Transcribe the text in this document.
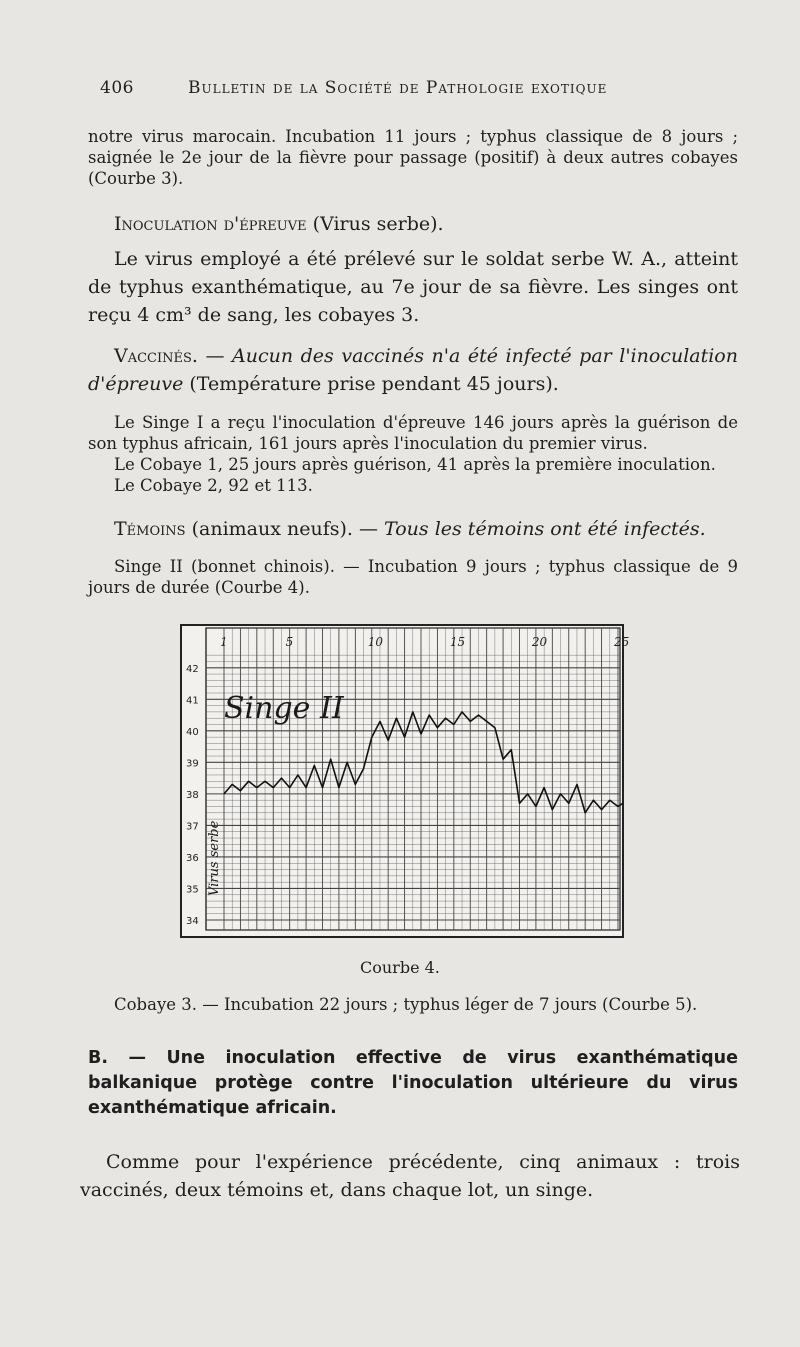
406	Bulletin de la Société de Pathologie exotique

notre virus marocain. Incubation 11 jours ; typhus classique de 8 jours ; saignée le 2e jour de la fièvre pour passage (positif) à deux autres cobayes (Courbe 3).

Inoculation d'épreuve (Virus serbe).

Le virus employé a été prélevé sur le soldat serbe W. A., atteint de typhus exanthématique, au 7e jour de sa fièvre. Les singes ont reçu 4 cm³ de sang, les cobayes 3.

Vaccinés. — Aucun des vaccinés n'a été infecté par l'inoculation d'épreuve (Température prise pendant 45 jours).

Le Singe I a reçu l'inoculation d'épreuve 146 jours après la guérison de son typhus africain, 161 jours après l'inoculation du premier virus.

Le Cobaye 1, 25 jours après guérison, 41 après la première inoculation.

Le Cobaye 2, 92 et 113.

Témoins (animaux neufs). — Tous les témoins ont été infectés.

Singe II (bonnet chinois). — Incubation 9 jours ; typhus classique de 9 jours de durée (Courbe 4).

1	5	10	15	20	25
42
41
40
39
38
37
36
35
34
Singe II
Virus serbe
Courbe 4.

Cobaye 3. — Incubation 22 jours ; typhus léger de 7 jours (Courbe 5).

B. — Une inoculation effective de virus exanthématique balkanique protège contre l'inoculation ultérieure du virus exanthématique africain.

Comme pour l'expérience précédente, cinq animaux : trois vaccinés, deux témoins et, dans chaque lot, un singe.
